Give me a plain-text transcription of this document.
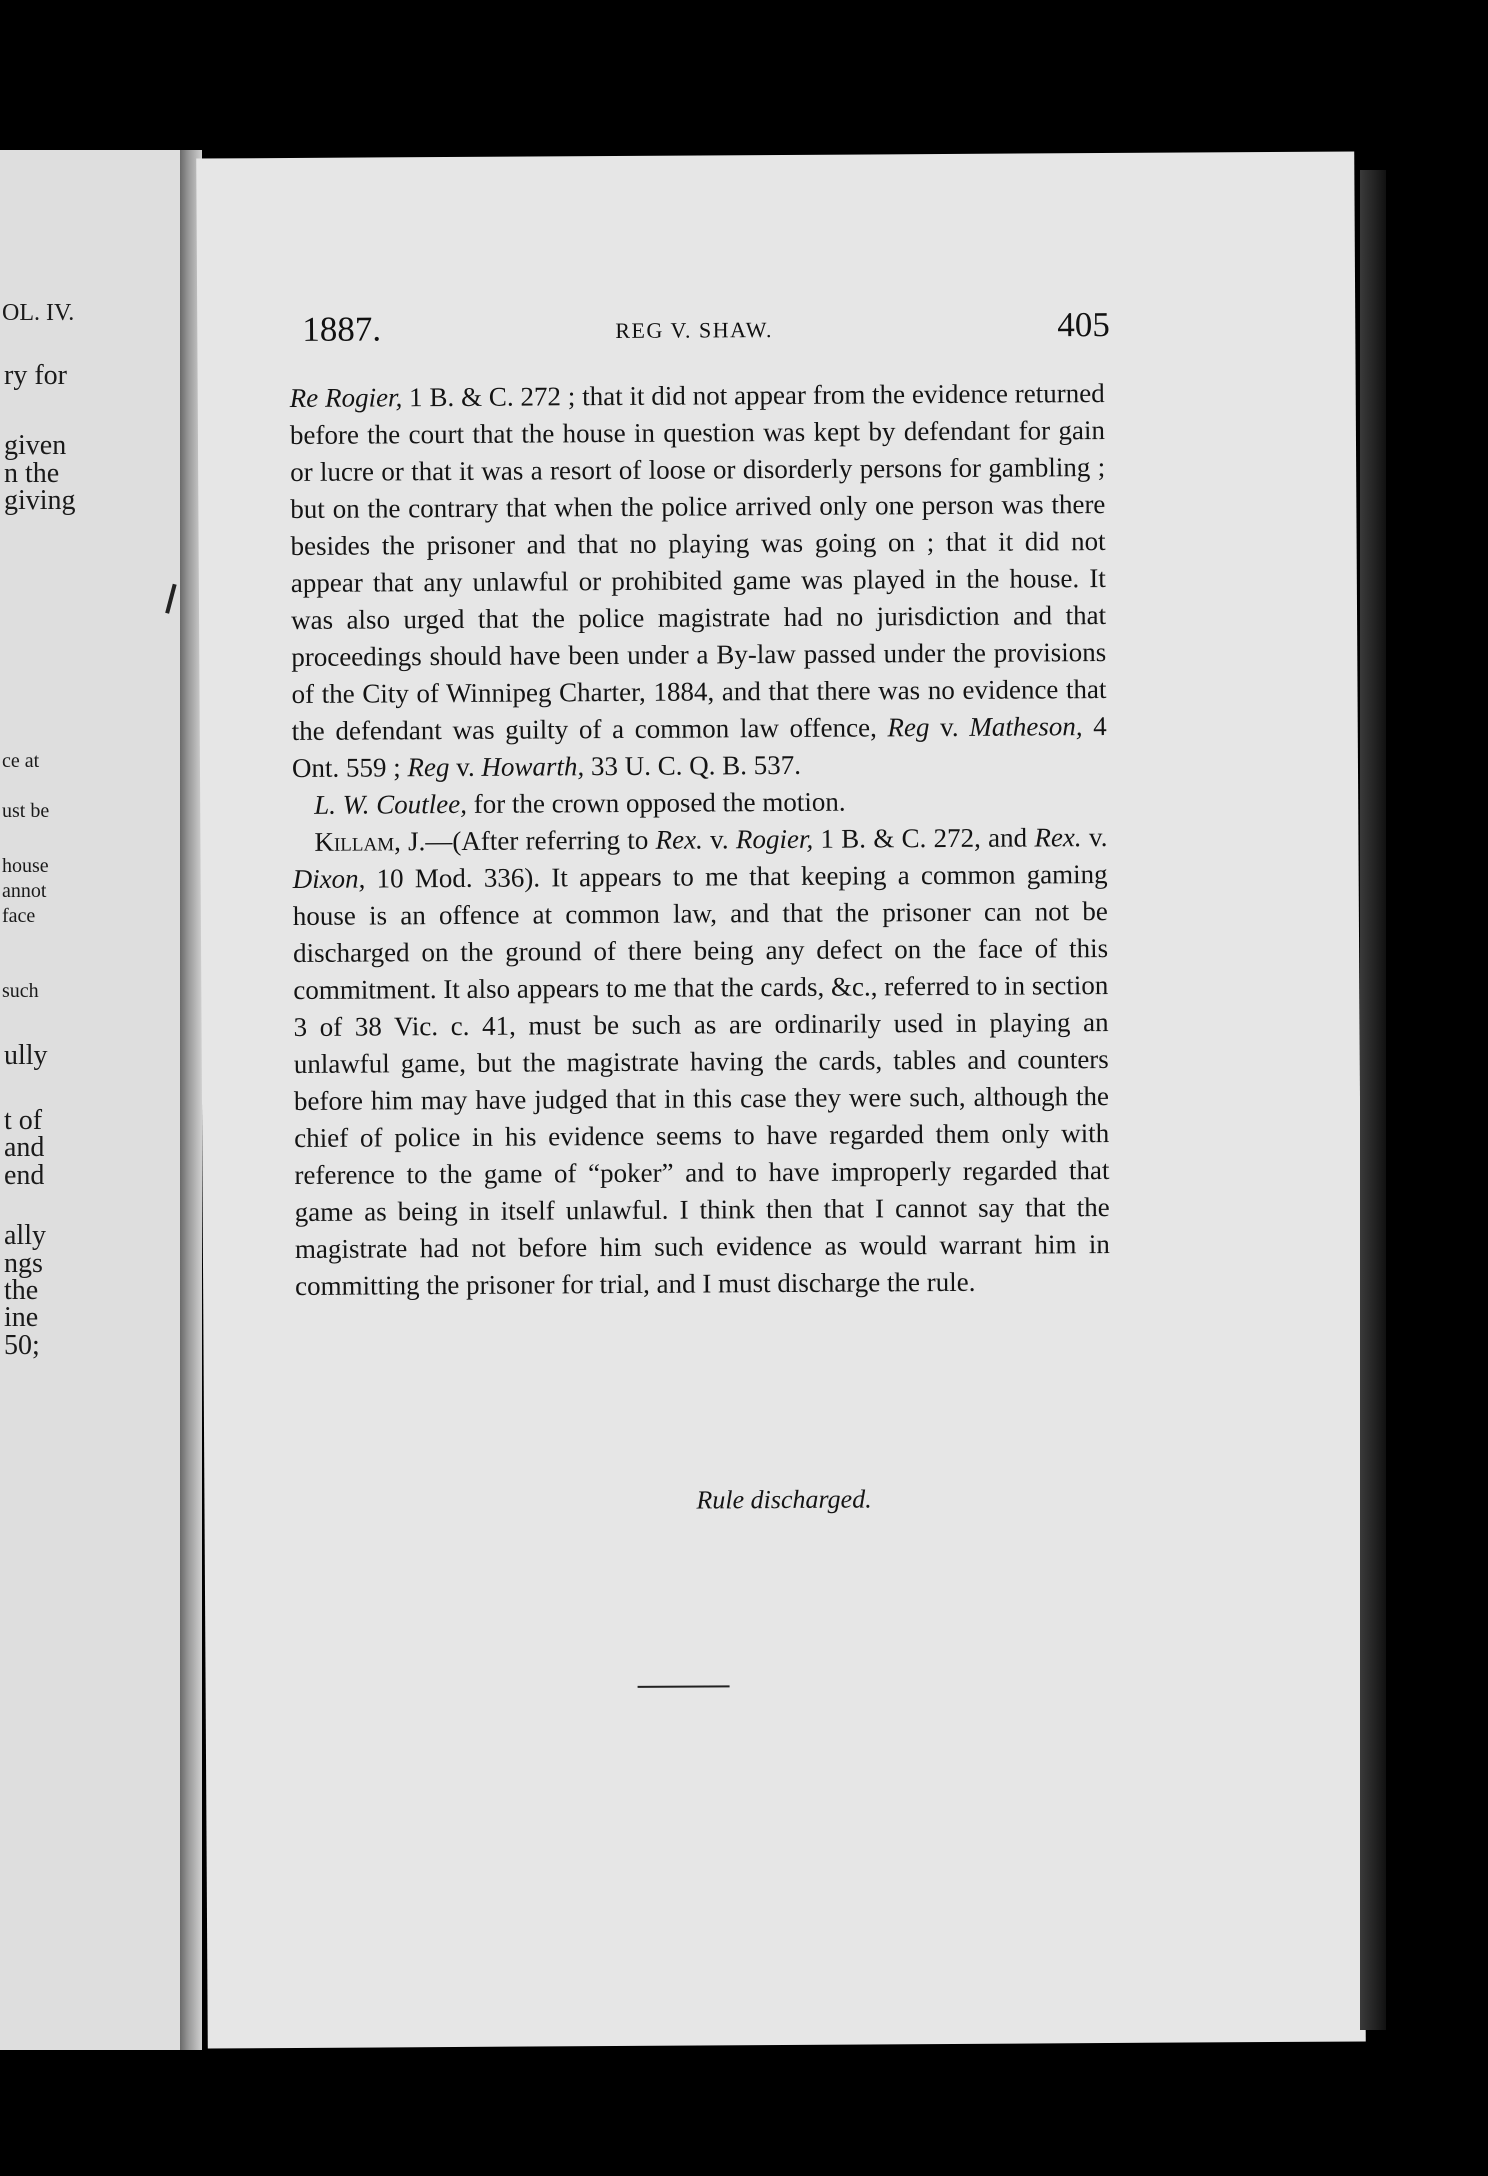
OL. IV.
ry for
given
n the
giving
ce at
ust be
house
annot
face
such
ully
t of
and
end
ally
ngs
the
ine
50;
1887.	REG V. SHAW.	405

Re Rogier, 1 B. & C. 272 ; that it did not appear from the evidence returned before the court that the house in question was kept by defendant for gain or lucre or that it was a resort of loose or disorderly persons for gambling ; but on the contrary that when the police arrived only one person was there besides the prisoner and that no playing was going on ; that it did not appear that any unlawful or prohibited game was played in the house. It was also urged that the police magistrate had no jurisdiction and that proceedings should have been under a By-law passed under the provisions of the City of Winnipeg Charter, 1884, and that there was no evidence that the defendant was guilty of a common law offence, Reg v. Matheson, 4 Ont. 559 ; Reg v. Howarth, 33 U. C. Q. B. 537.

L. W. Coutlee, for the crown opposed the motion.

Killam, J.—(After referring to Rex. v. Rogier, 1 B. & C. 272, and Rex. v. Dixon, 10 Mod. 336). It appears to me that keeping a common gaming house is an offence at common law, and that the prisoner can not be discharged on the ground of there being any defect on the face of this commitment. It also appears to me that the cards, &c., referred to in section 3 of 38 Vic. c. 41, must be such as are ordinarily used in playing an unlawful game, but the magistrate having the cards, tables and counters before him may have judged that in this case they were such, although the chief of police in his evidence seems to have regarded them only with reference to the game of “poker” and to have improperly regarded that game as being in itself unlawful. I think then that I cannot say that the magistrate had not before him such evidence as would warrant him in committing the prisoner for trial, and I must discharge the rule.

Rule discharged.
